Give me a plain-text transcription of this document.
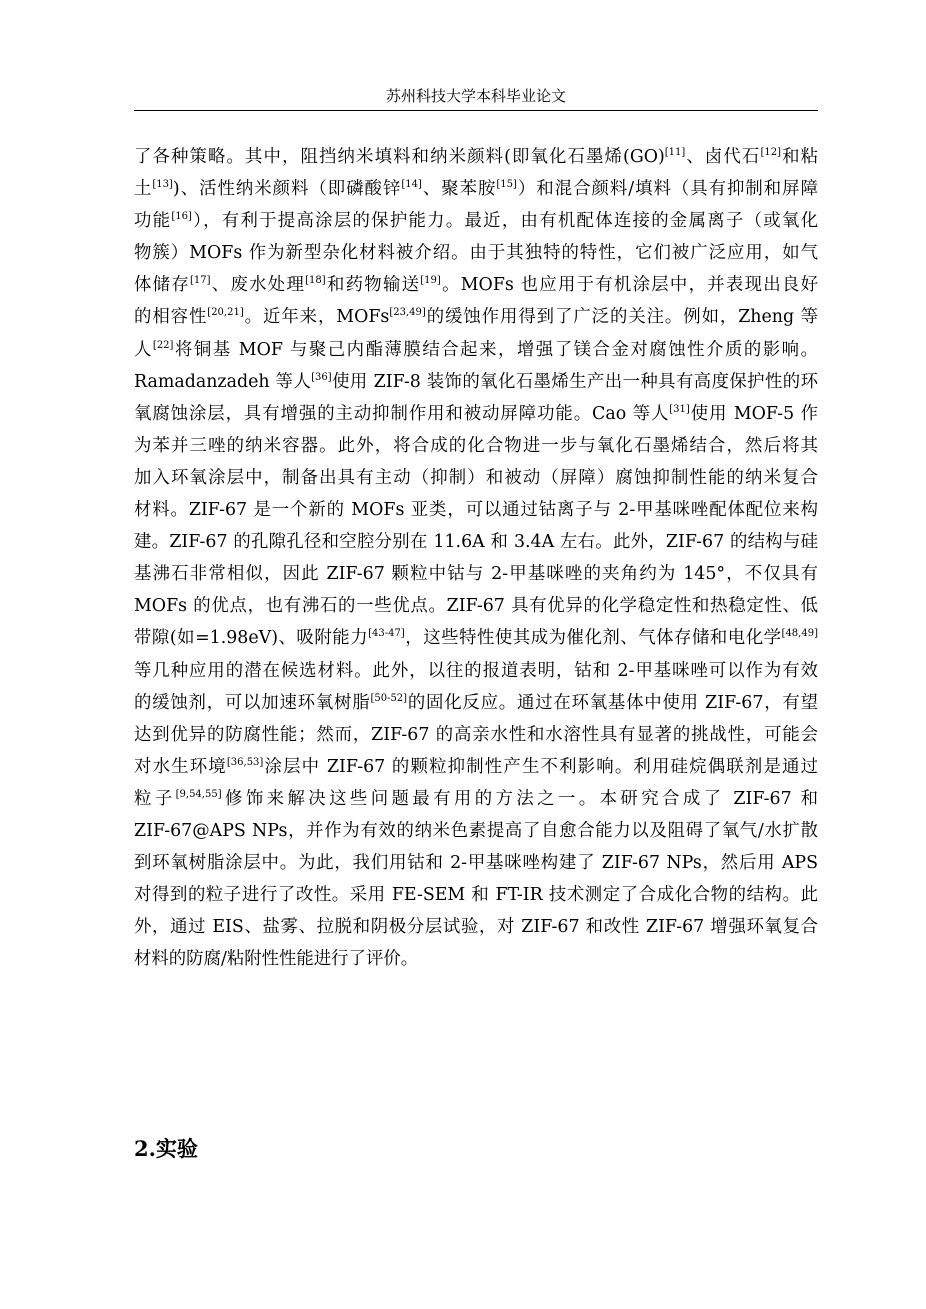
苏州科技大学本科毕业论文
了各种策略。其中，阻挡纳米填料和纳米颜料(即氧化石墨烯(GO)[11]、卤代石[12]和粘
土[13])、活性纳米颜料（即磷酸锌[14]、聚苯胺[15]）和混合颜料/填料（具有抑制和屏障
功能[16]），有利于提高涂层的保护能力。最近，由有机配体连接的金属离子（或氧化
物簇）MOFs 作为新型杂化材料被介绍。由于其独特的特性，它们被广泛应用，如气
体储存[17]、废水处理[18]和药物输送[19]。MOFs 也应用于有机涂层中，并表现出良好
的相容性[20,21]。近年来，MOFs[23,49]的缓蚀作用得到了广泛的关注。例如，Zheng 等
人[22]将铜基 MOF 与聚己内酯薄膜结合起来，增强了镁合金对腐蚀性介质的影响。
Ramadanzadeh 等人[36]使用 ZIF-8 装饰的氧化石墨烯生产出一种具有高度保护性的环
氧腐蚀涂层，具有增强的主动抑制作用和被动屏障功能。Cao 等人[31]使用 MOF-5 作
为苯并三唑的纳米容器。此外，将合成的化合物进一步与氧化石墨烯结合，然后将其
加入环氧涂层中，制备出具有主动（抑制）和被动（屏障）腐蚀抑制性能的纳米复合
材料。ZIF-67 是一个新的 MOFs 亚类，可以通过钴离子与 2-甲基咪唑配体配位来构
建。ZIF-67 的孔隙孔径和空腔分别在 11.6A 和 3.4A 左右。此外，ZIF-67 的结构与硅
基沸石非常相似，因此 ZIF-67 颗粒中钴与 2-甲基咪唑的夹角约为 145°，不仅具有
MOFs 的优点，也有沸石的一些优点。ZIF-67 具有优异的化学稳定性和热稳定性、低
带隙(如=1.98eV)、吸附能力[43-47]，这些特性使其成为催化剂、气体存储和电化学[48,49]
等几种应用的潜在候选材料。此外，以往的报道表明，钴和 2-甲基咪唑可以作为有效
的缓蚀剂，可以加速环氧树脂[50-52]的固化反应。通过在环氧基体中使用 ZIF-67，有望
达到优异的防腐性能；然而，ZIF-67 的高亲水性和水溶性具有显著的挑战性，可能会
对水生环境[36,53]涂层中 ZIF-67 的颗粒抑制性产生不利影响。利用硅烷偶联剂是通过
粒子[9,54,55]修饰来解决这些问题最有用的方法之一。本研究合成了 ZIF-67 和
ZIF-67@APS NPs，并作为有效的纳米色素提高了自愈合能力以及阻碍了氧气/水扩散
到环氧树脂涂层中。为此，我们用钴和 2-甲基咪唑构建了 ZIF-67 NPs，然后用 APS
对得到的粒子进行了改性。采用 FE-SEM 和 FT-IR 技术测定了合成化合物的结构。此
外，通过 EIS、盐雾、拉脱和阴极分层试验，对 ZIF-67 和改性 ZIF-67 增强环氧复合
材料的防腐/粘附性性能进行了评价。
2.实验
